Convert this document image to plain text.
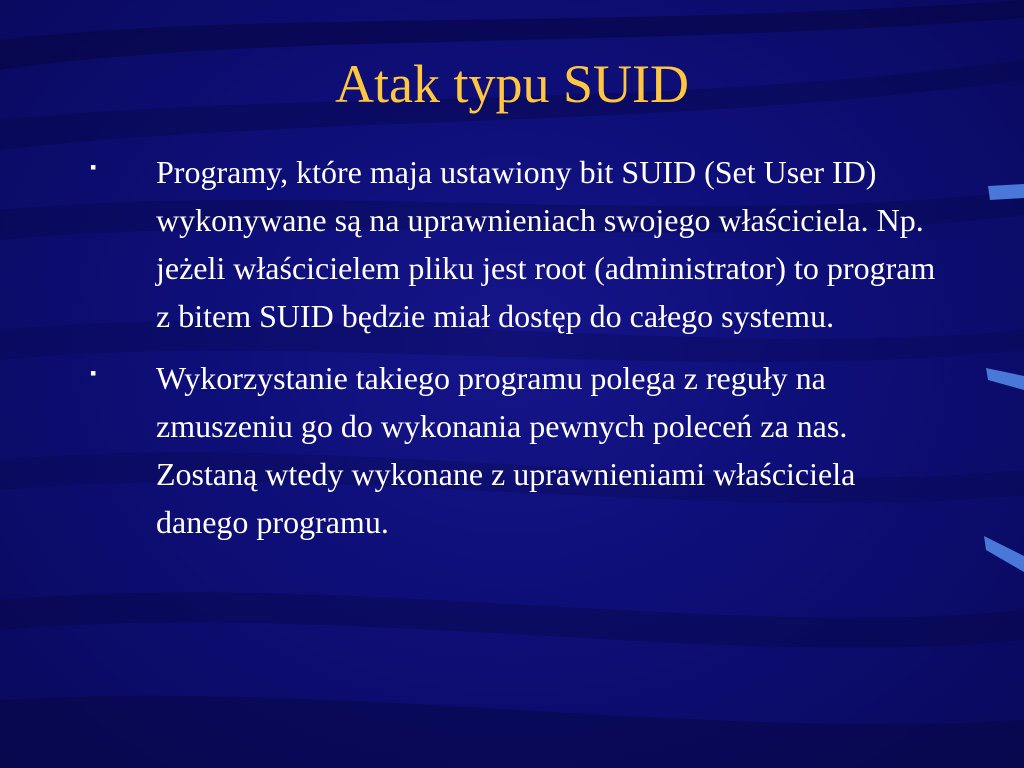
Atak typu SUID
▪ Programy, które maja ustawiony bit SUID (Set User ID) wykonywane są na uprawnieniach swojego właściciela. Np. jeżeli właścicielem pliku jest root (administrator) to program z bitem SUID będzie miał dostęp do całego systemu.
▪ Wykorzystanie takiego programu polega z reguły na zmuszeniu go do wykonania pewnych poleceń za nas. Zostaną wtedy wykonane z uprawnieniami właściciela danego programu.
